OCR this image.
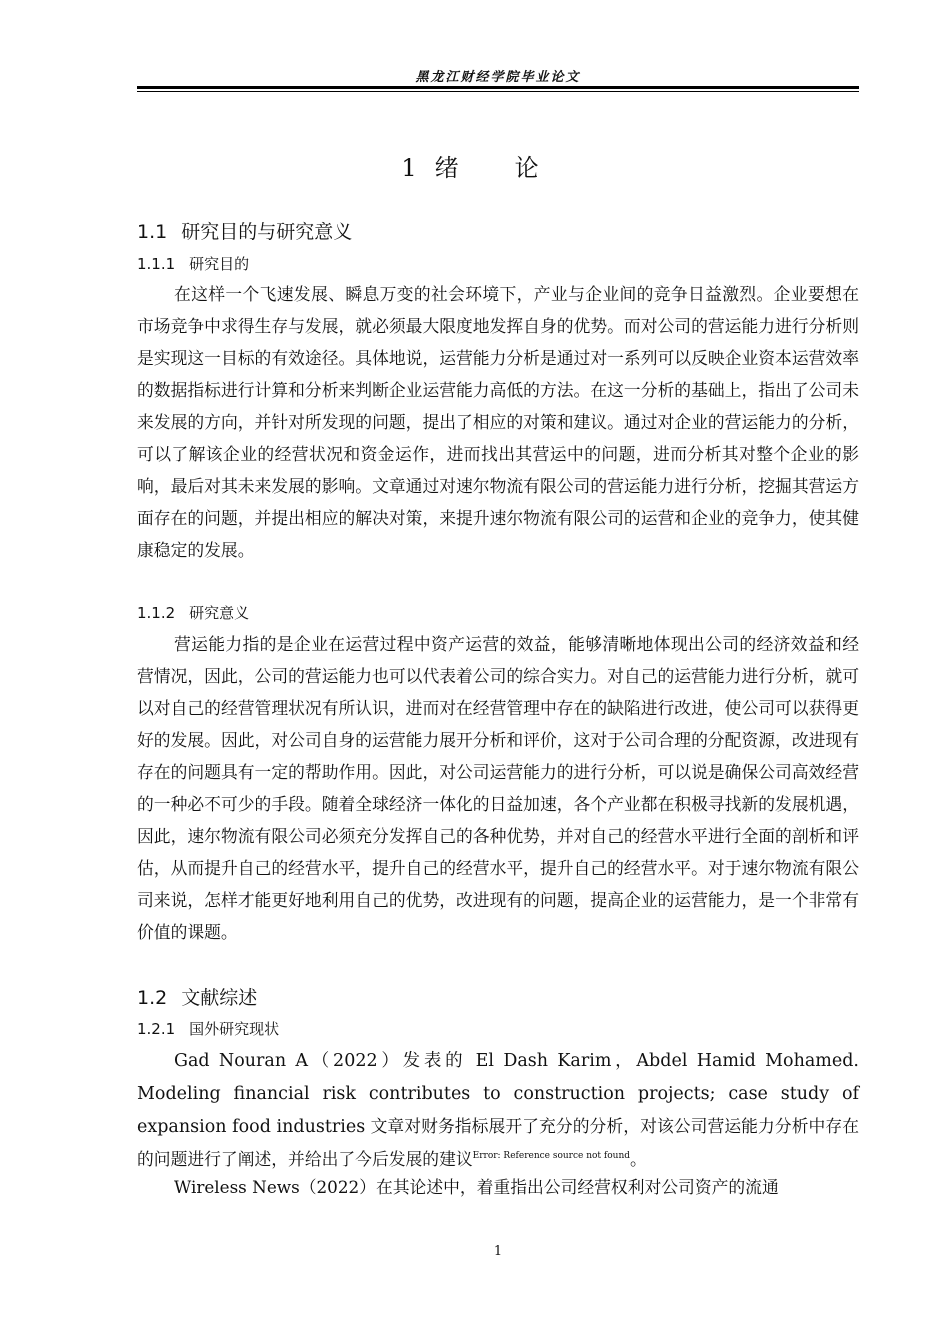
黑龙江财经学院毕业论文
1 绪论
1.1 研究目的与研究意义
1.1.1 研究目的

在这样一个飞速发展、瞬息万变的社会环境下，产业与企业间的竞争日益激烈。企业要想在市场竞争中求得生存与发展，就必须最大限度地发挥自身的优势。而对公司的营运能力进行分析则是实现这一目标的有效途径。具体地说，运营能力分析是通过对一系列可以反映企业资本运营效率的数据指标进行计算和分析来判断企业运营能力高低的方法。在这一分析的基础上，指出了公司未来发展的方向，并针对所发现的问题，提出了相应的对策和建议。通过对企业的营运能力的分析，可以了解该企业的经营状况和资金运作，进而找出其营运中的问题，进而分析其对整个企业的影响，最后对其未来发展的影响。文章通过对速尔物流有限公司的营运能力进行分析，挖掘其营运方面存在的问题，并提出相应的解决对策，来提升速尔物流有限公司的运营和企业的竞争力，使其健康稳定的发展。

1.1.2 研究意义

营运能力指的是企业在运营过程中资产运营的效益，能够清晰地体现出公司的经济效益和经营情况，因此，公司的营运能力也可以代表着公司的综合实力。对自己的运营能力进行分析，就可以对自己的经营管理状况有所认识，进而对在经营管理中存在的缺陷进行改进，使公司可以获得更好的发展。因此，对公司自身的运营能力展开分析和评价，这对于公司合理的分配资源，改进现有存在的问题具有一定的帮助作用。因此，对公司运营能力的进行分析，可以说是确保公司高效经营的一种必不可少的手段。随着全球经济一体化的日益加速，各个产业都在积极寻找新的发展机遇，因此，速尔物流有限公司必须充分发挥自己的各种优势，并对自己的经营水平进行全面的剖析和评估，从而提升自己的经营水平，提升自己的经营水平，提升自己的经营水平。对于速尔物流有限公司来说，怎样才能更好地利用自己的优势，改进现有的问题，提高企业的运营能力，是一个非常有价值的课题。

1.2 文献综述
1.2.1 国外研究现状

Gad Nouran A（2022）发表的 El Dash Karim，Abdel Hamid Mohamed. Modeling financial risk contributes to construction projects; case study of expansion food industries 文章对财务指标展开了充分的分析，对该公司营运能力分析中存在的问题进行了阐述，并给出了今后发展的建议$^{Error: Reference source not found}$。

Wireless News（2022）在其论述中，着重指出公司经营权利对公司资产的流通

1
